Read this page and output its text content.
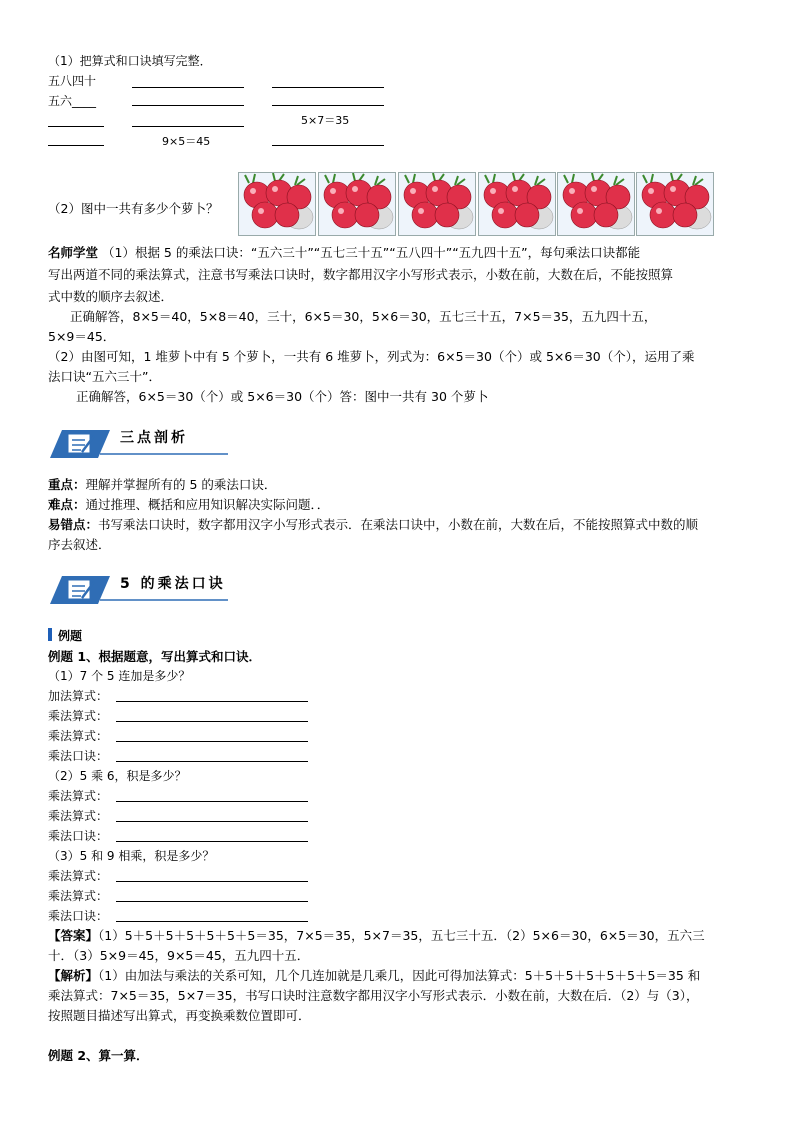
（1）把算式和口诀填写完整．
五八四十
五六____
5×7＝35
9×5＝45
（2）图中一共有多少个萝卜？
名师学堂 （1）根据 5 的乘法口诀：“五六三十”“五七三十五”“五八四十”“五九四十五”，每句乘法口诀都能
写出两道不同的乘法算式，注意书写乘法口诀时，数字都用汉字小写形式表示，小数在前，大数在后，不能按照算
式中数的顺序去叙述．
正确解答，8×5＝40，5×8＝40，三十，6×5＝30，5×6＝30，五七三十五，7×5＝35，五九四十五，
5×9＝45．
（2）由图可知，1 堆萝卜中有 5 个萝卜，一共有 6 堆萝卜，列式为：6×5＝30（个）或 5×6＝30（个），运用了乘
法口诀“五六三十”．
正确解答，6×5＝30（个）或 5×6＝30（个）答：图中一共有 30 个萝卜
三点剖析
重点：理解并掌握所有的 5 的乘法口诀．
难点：通过推理、概括和应用知识解决实际问题．．
易错点：书写乘法口诀时，数字都用汉字小写形式表示．在乘法口诀中，小数在前，大数在后，不能按照算式中数的顺
序去叙述．
5 的乘法口诀
例题
例题 1、根据题意，写出算式和口诀．
（1）7 个 5 连加是多少？
加法算式：
乘法算式：
乘法算式：
乘法口诀：
（2）5 乘 6，积是多少？
乘法算式：
乘法算式：
乘法口诀：
（3）5 和 9 相乘，积是多少？
乘法算式：
乘法算式：
乘法口诀：
【答案】（1）5＋5＋5＋5＋5＋5＋5＝35，7×5＝35，5×7＝35，五七三十五．（2）5×6＝30，6×5＝30，五六三
十．（3）5×9＝45，9×5＝45，五九四十五．
【解析】（1）由加法与乘法的关系可知，几个几连加就是几乘几，因此可得加法算式：5＋5＋5＋5＋5＋5＋5＝35 和
乘法算式：7×5＝35，5×7＝35，书写口诀时注意数字都用汉字小写形式表示．小数在前，大数在后．（2）与（3），
按照题目描述写出算式，再变换乘数位置即可．
例题 2、算一算．
